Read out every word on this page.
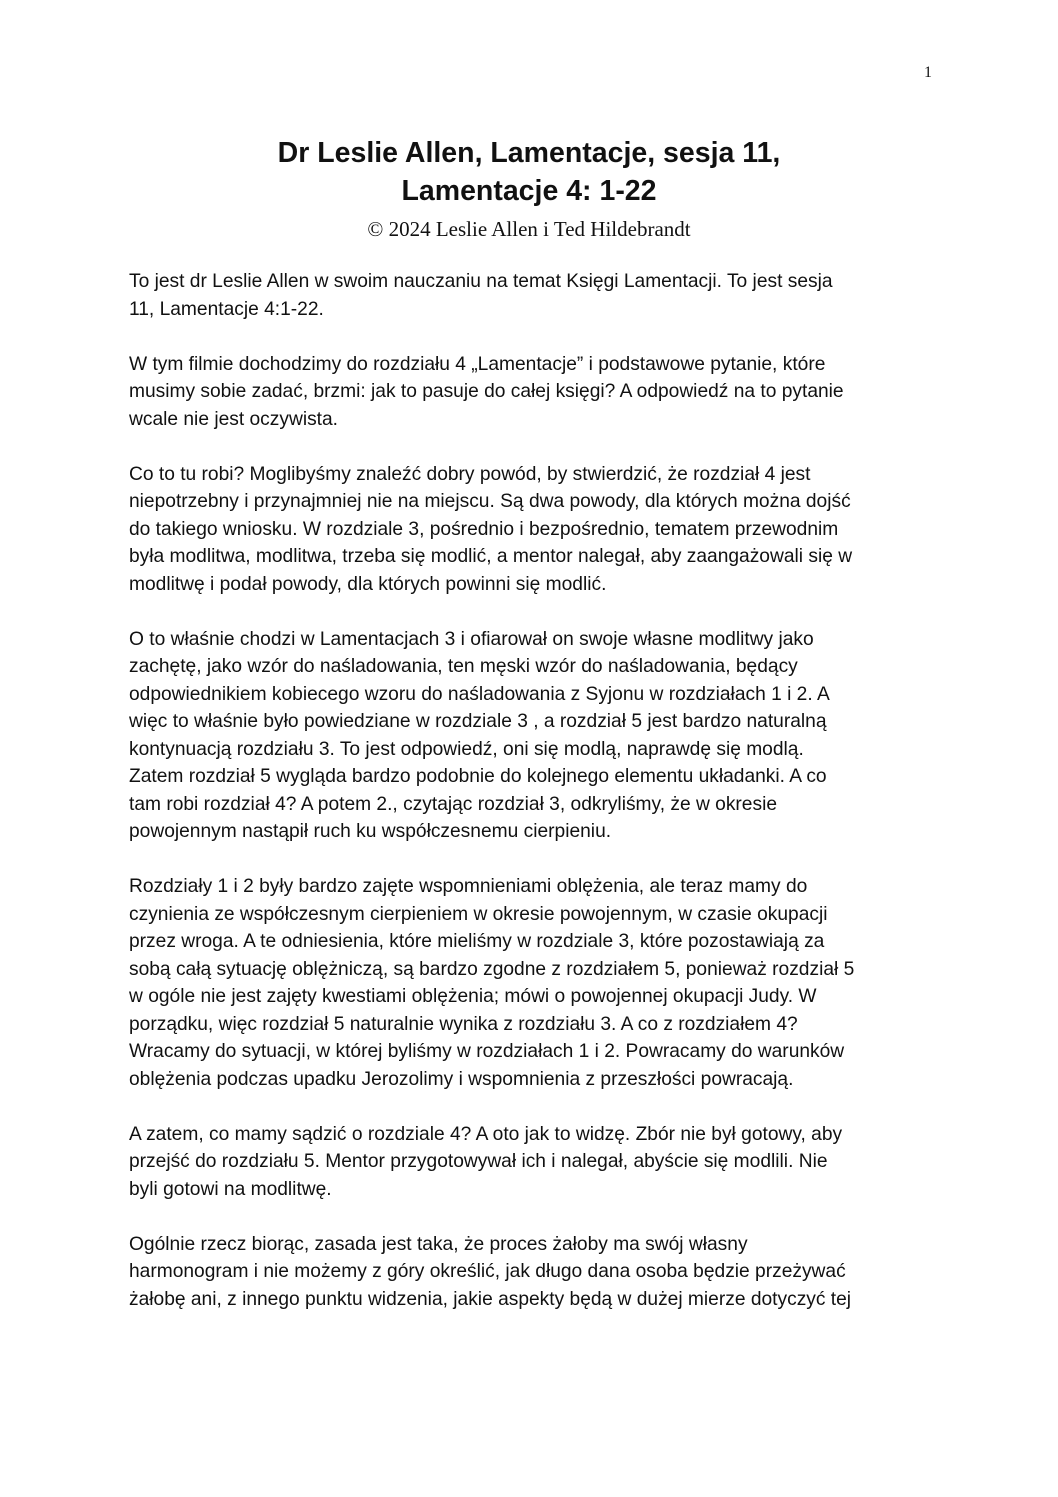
1
Dr Leslie Allen, Lamentacje, sesja 11,
Lamentacje 4: 1-22
© 2024 Leslie Allen i Ted Hildebrandt

To jest dr Leslie Allen w swoim nauczaniu na temat Księgi Lamentacji. To jest sesja
11, Lamentacje 4:1-22.

W tym filmie dochodzimy do rozdziału 4 „Lamentacje” i podstawowe pytanie, które
musimy sobie zadać, brzmi: jak to pasuje do całej księgi? A odpowiedź na to pytanie
wcale nie jest oczywista.

Co to tu robi? Moglibyśmy znaleźć dobry powód, by stwierdzić, że rozdział 4 jest
niepotrzebny i przynajmniej nie na miejscu. Są dwa powody, dla których można dojść
do takiego wniosku. W rozdziale 3, pośrednio i bezpośrednio, tematem przewodnim
była modlitwa, modlitwa, trzeba się modlić, a mentor nalegał, aby zaangażowali się w
modlitwę i podał powody, dla których powinni się modlić.

O to właśnie chodzi w Lamentacjach 3 i ofiarował on swoje własne modlitwy jako
zachętę, jako wzór do naśladowania, ten męski wzór do naśladowania, będący
odpowiednikiem kobiecego wzoru do naśladowania z Syjonu w rozdziałach 1 i 2. A
więc to właśnie było powiedziane w rozdziale 3 , a rozdział 5 jest bardzo naturalną
kontynuacją rozdziału 3. To jest odpowiedź, oni się modlą, naprawdę się modlą.
Zatem rozdział 5 wygląda bardzo podobnie do kolejnego elementu układanki. A co
tam robi rozdział 4? A potem 2., czytając rozdział 3, odkryliśmy, że w okresie
powojennym nastąpił ruch ku współczesnemu cierpieniu.

Rozdziały 1 i 2 były bardzo zajęte wspomnieniami oblężenia, ale teraz mamy do
czynienia ze współczesnym cierpieniem w okresie powojennym, w czasie okupacji
przez wroga. A te odniesienia, które mieliśmy w rozdziale 3, które pozostawiają za
sobą całą sytuację oblężniczą, są bardzo zgodne z rozdziałem 5, ponieważ rozdział 5
w ogóle nie jest zajęty kwestiami oblężenia; mówi o powojennej okupacji Judy. W
porządku, więc rozdział 5 naturalnie wynika z rozdziału 3. A co z rozdziałem 4?
Wracamy do sytuacji, w której byliśmy w rozdziałach 1 i 2. Powracamy do warunków
oblężenia podczas upadku Jerozolimy i wspomnienia z przeszłości powracają.

A zatem, co mamy sądzić o rozdziale 4? A oto jak to widzę. Zbór nie był gotowy, aby
przejść do rozdziału 5. Mentor przygotowywał ich i nalegał, abyście się modlili. Nie
byli gotowi na modlitwę.

Ogólnie rzecz biorąc, zasada jest taka, że proces żałoby ma swój własny
harmonogram i nie możemy z góry określić, jak długo dana osoba będzie przeżywać
żałobę ani, z innego punktu widzenia, jakie aspekty będą w dużej mierze dotyczyć tej
